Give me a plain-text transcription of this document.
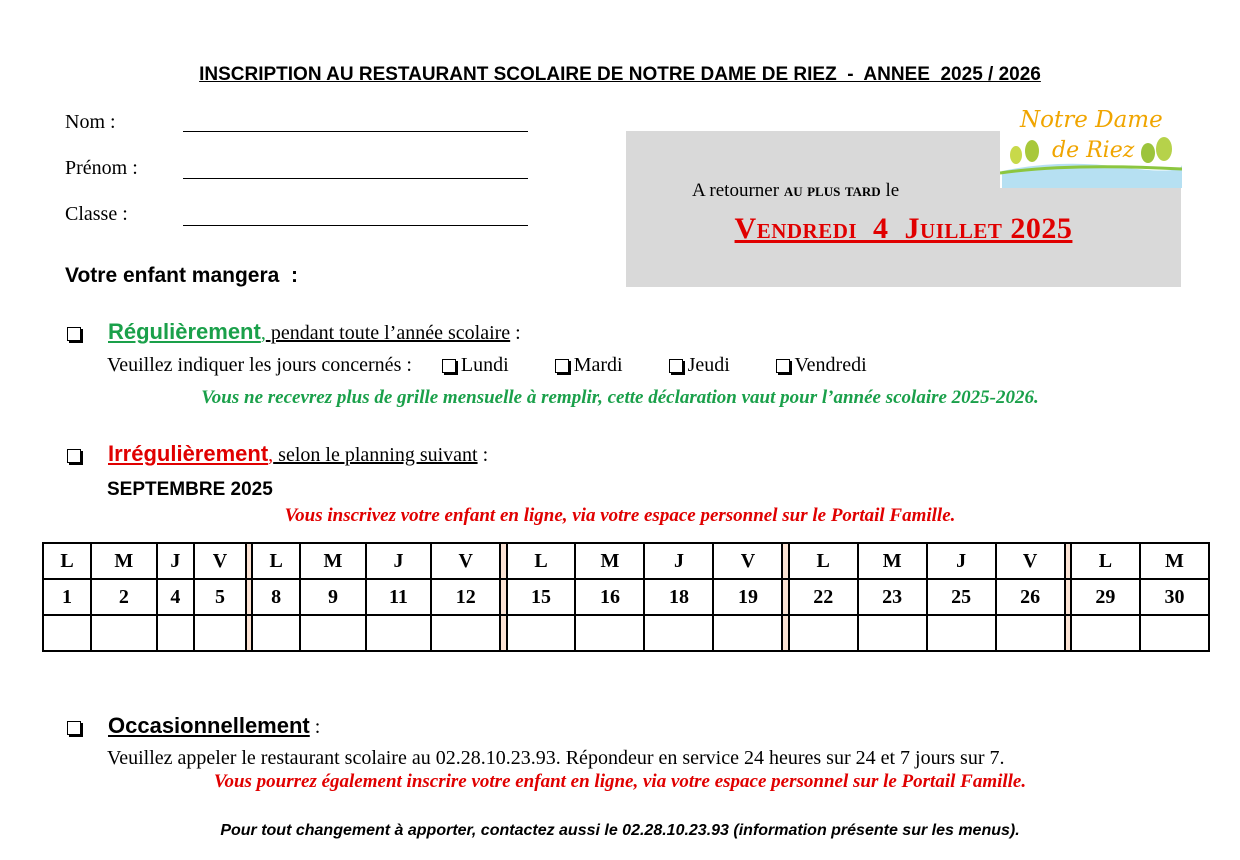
INSCRIPTION AU RESTAURANT SCOLAIRE DE NOTRE DAME DE RIEZ  -  ANNEE  2025 / 2026
Nom :
Prénom :
Classe :
Notre Dame
de Riez
A retourner au plus tard le
Vendredi  4  Juillet 2025
Votre enfant mangera  :
Régulièrement, pendant toute l’année scolaire :
Veuillez indiquer les jours concernés : Lundi	Mardi	Jeudi	Vendredi
Vous ne recevrez plus de grille mensuelle à remplir, cette déclaration vaut pour l’année scolaire 2025-2026.
Irrégulièrement, selon le planning suivant :
SEPTEMBRE 2025
Vous inscrivez votre enfant en ligne, via votre espace personnel sur le Portail Famille.
L	M	J	V		L	M	J	V		L	M	J	V		L	M	J	V		L	M
1	2	4	5		8	9	11	12		15	16	18	19		22	23	25	26		29	30

Occasionnellement :
Veuillez appeler le restaurant scolaire au 02.28.10.23.93. Répondeur en service 24 heures sur 24 et 7 jours sur 7.
Vous pourrez également inscrire votre enfant en ligne, via votre espace personnel sur le Portail Famille.
Pour tout changement à apporter, contactez aussi le 02.28.10.23.93 (information présente sur les menus).
